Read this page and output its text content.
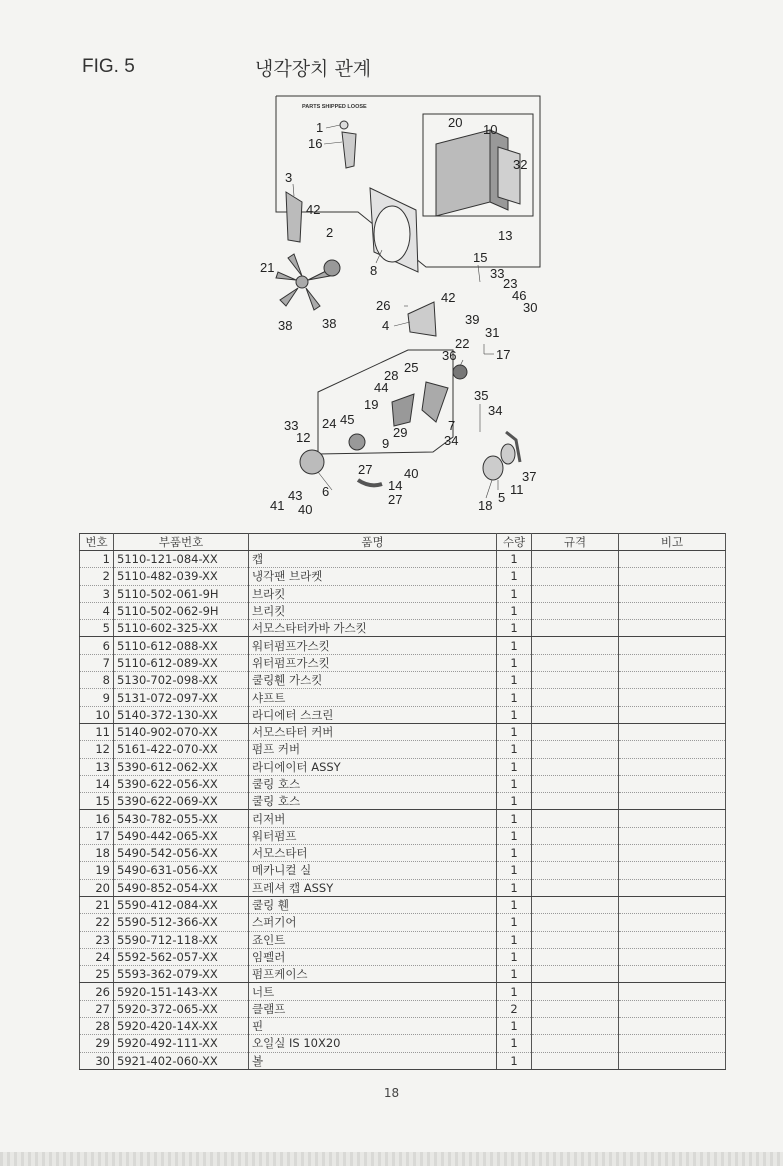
FIG. 5	냉각장치 관계
PARTS SHIPPED LOOSE
1
16
20 10
32
3
42
2	13
21	8
15
33
23
46
30
26
42
4	39
31
38 38
22
36	17
28
25
44
19
45
35
34
33 24
29
12	9
7
34
27 40	37
11
43 6	14
5
41 40
27	18
번호	부품번호	품명	수량	규격	비고
1	5110-121-084-XX	캡	1		
2	5110-482-039-XX	냉각팬 브라켓	1		
3	5110-502-061-9H	브라킷	1		
4	5110-502-062-9H	브리킷	1		
5	5110-602-325-XX	서모스타터카바 가스킷	1		
6	5110-612-088-XX	워터펌프가스킷	1		
7	5110-612-089-XX	위터펌프가스킷	1		
8	5130-702-098-XX	쿨링휀 가스킷	1		
9	5131-072-097-XX	샤프트	1		
10	5140-372-130-XX	라디에터 스크린	1		
11	5140-902-070-XX	서모스타터 커버	1		
12	5161-422-070-XX	펌프 커버	1		
13	5390-612-062-XX	라디에이터 ASSY	1		
14	5390-622-056-XX	쿨링 호스	1		
15	5390-622-069-XX	쿨링 호스	1		
16	5430-782-055-XX	리저버	1		
17	5490-442-065-XX	워터펌프	1		
18	5490-542-056-XX	서모스타터	1		
19	5490-631-056-XX	메카니컬 실	1		
20	5490-852-054-XX	프레셔 캡 ASSY	1		
21	5590-412-084-XX	쿨링 휀	1		
22	5590-512-366-XX	스퍼기어	1		
23	5590-712-118-XX	죠인트	1		
24	5592-562-057-XX	임펠러	1		
25	5593-362-079-XX	펌프케이스	1		
26	5920-151-143-XX	너트	1		
27	5920-372-065-XX	클램프	2		
28	5920-420-14X-XX	핀	1		
29	5920-492-111-XX	오일실 IS 10X20	1		
30	5921-402-060-XX	볼	1		
18
